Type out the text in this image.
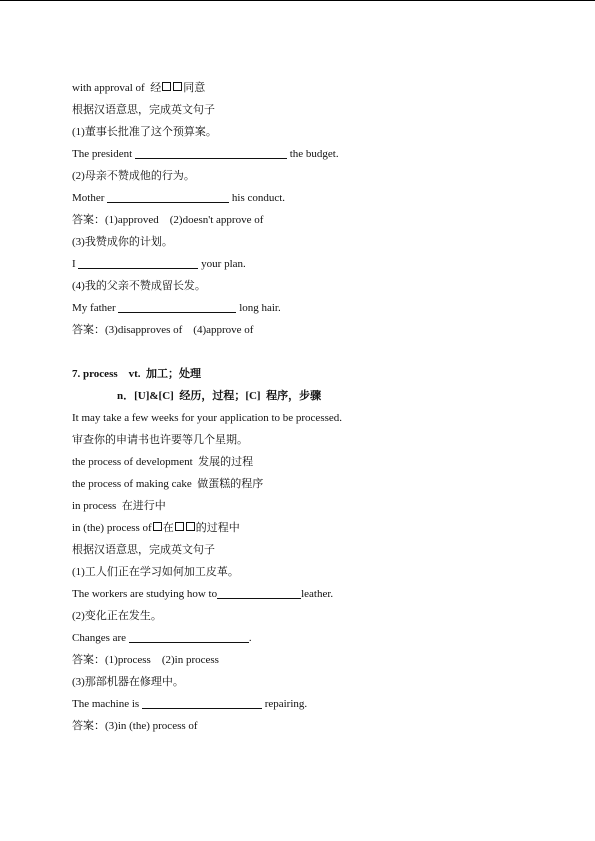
with approval of 经 同意
根据汉语意思，完成英文句子
(1)董事长批准了这个预算案。
The president	the budget.
(2)母亲不赞成他的行为。
Mother	his conduct.
答案：(1)approved    (2)doesn't approve of
(3)我赞成你的计划。
I	your plan.
(4)我的父亲不赞成留长发。
My father	long hair.
答案：(3)disapproves of    (4)approve of
7. process    vt.  加工；处理
n．[U]&[C]  经历，过程；[C]  程序，步骤
It may take a few weeks for your application to be processed.
审查你的申请书也许要等几个星期。
the process of development  发展的过程
the process of making cake  做蛋糕的程序
in process  在进行中
in (the) process of 在 的过程中
根据汉语意思，完成英文句子
(1)工人们正在学习如何加工皮革。
The workers are studying how to	leather.
(2)变化正在发生。
Changes are	.
答案：(1)process    (2)in process
(3)那部机器在修理中。
The machine is	repairing.
答案：(3)in (the) process of
